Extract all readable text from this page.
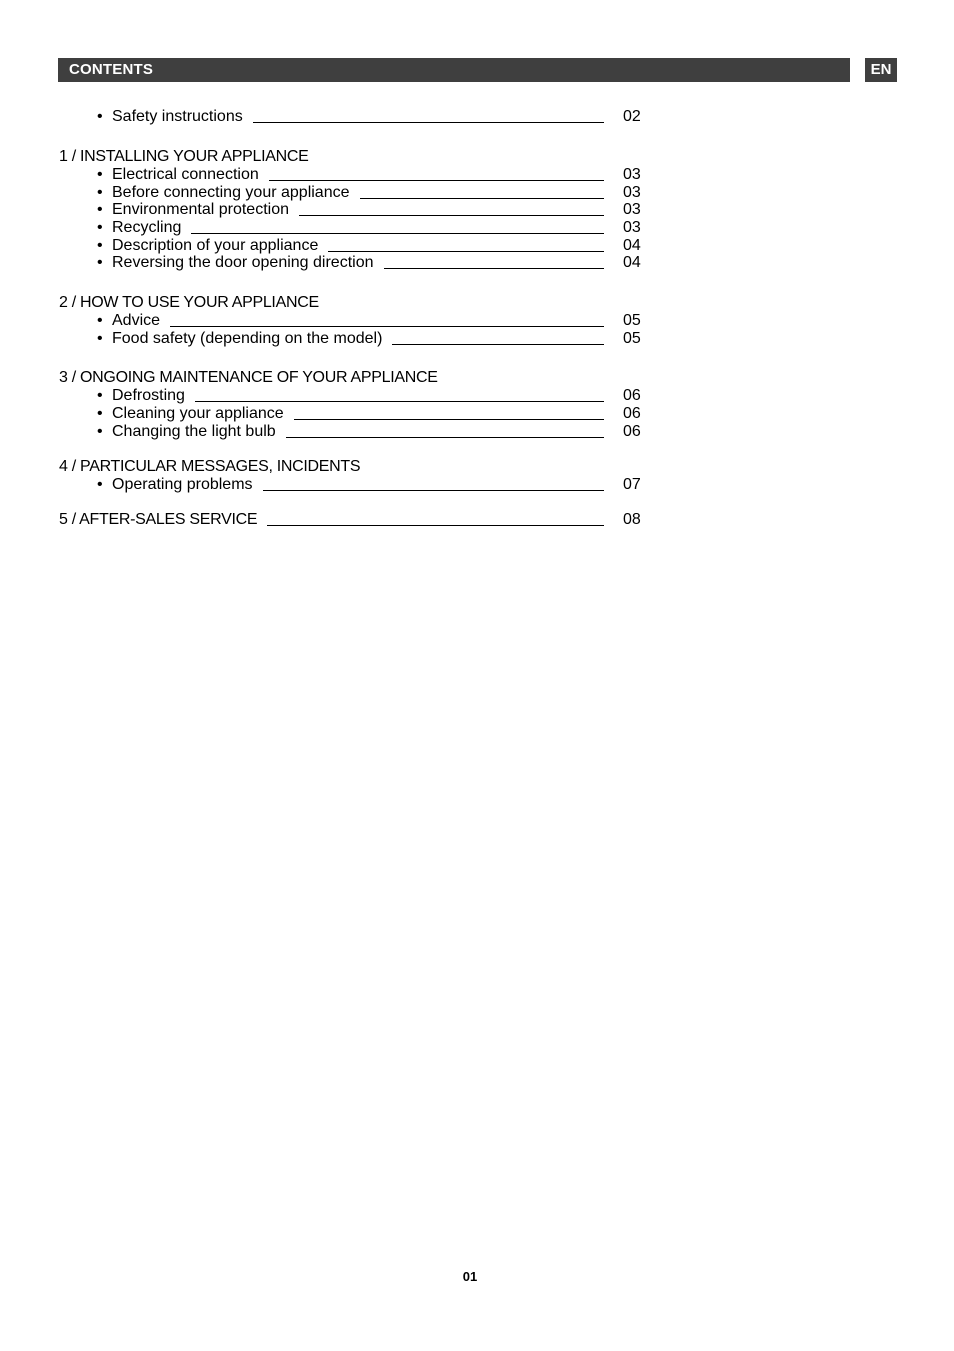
CONTENTS	EN
• Safety instructions	02
1 / INSTALLING YOUR APPLIANCE
• Electrical connection	03
• Before connecting your appliance	03
• Environmental protection	03
• Recycling	03
• Description of your appliance	04
• Reversing the door opening direction	04
2 / HOW TO USE YOUR APPLIANCE
• Advice	05
• Food safety (depending on the model)	05
3 / ONGOING MAINTENANCE OF YOUR APPLIANCE
• Defrosting	06
• Cleaning your appliance	06
• Changing the light bulb	06
4 / PARTICULAR MESSAGES, INCIDENTS
• Operating problems	07
5 / AFTER-SALES SERVICE	08
01
